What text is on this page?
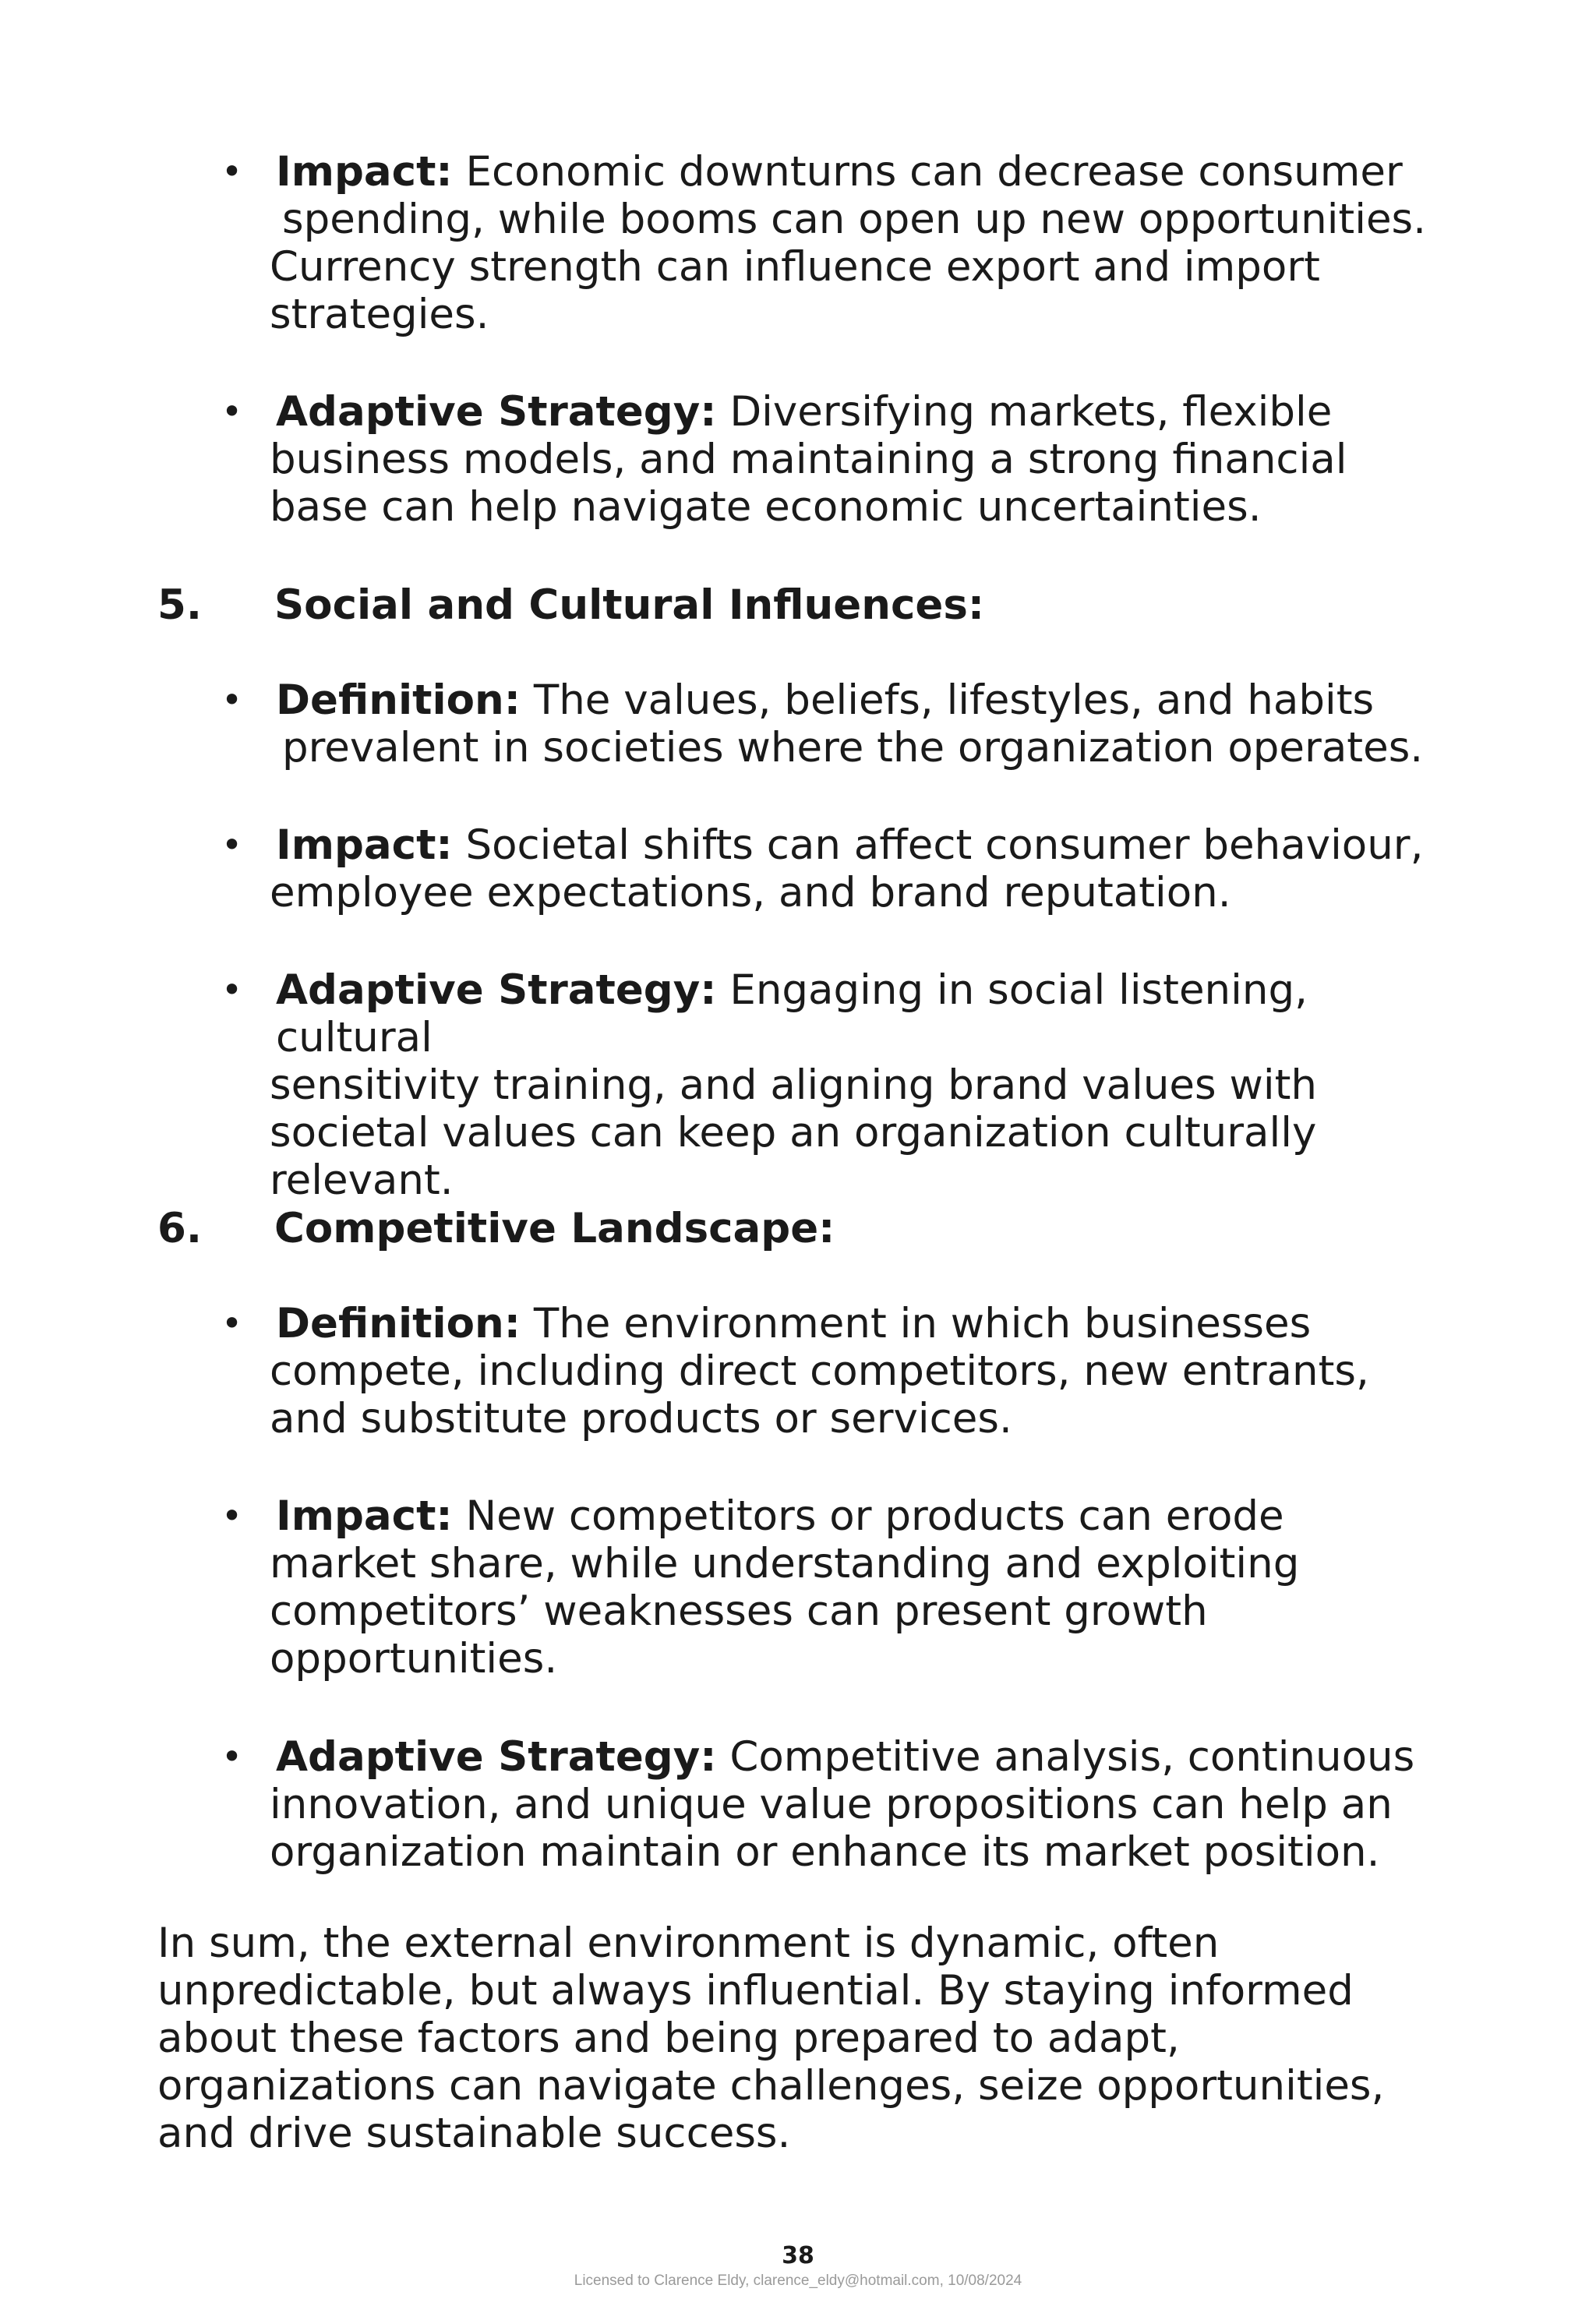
• Impact: Economic downturns can decrease consumer

spending, while booms can open up new opportunities.

Currency strength can influence export and import

strategies.

• Adaptive Strategy: Diversifying markets, flexible

business models, and maintaining a strong financial

base can help navigate economic uncertainties.

5. Social and Cultural Influences:
• Definition: The values, beliefs, lifestyles, and habits

prevalent in societies where the organization operates.

• Impact: Societal shifts can affect consumer behaviour,

employee expectations, and brand reputation.

• Adaptive Strategy: Engaging in social listening, cultural

sensitivity training, and aligning brand values with

societal values can keep an organization culturally

relevant.

6. Competitive Landscape:
• Definition: The environment in which businesses

compete, including direct competitors, new entrants,

and substitute products or services.

• Impact: New competitors or products can erode

market share, while understanding and exploiting

competitors’ weaknesses can present growth

opportunities.

• Adaptive Strategy: Competitive analysis, continuous

innovation, and unique value propositions can help an

organization maintain or enhance its market position.

In sum, the external environment is dynamic, often
unpredictable, but always influential. By staying informed
about these factors and being prepared to adapt,
organizations can navigate challenges, seize opportunities,
and drive sustainable success.
38
Licensed to Clarence Eldy, clarence_eldy@hotmail.com, 10/08/2024
